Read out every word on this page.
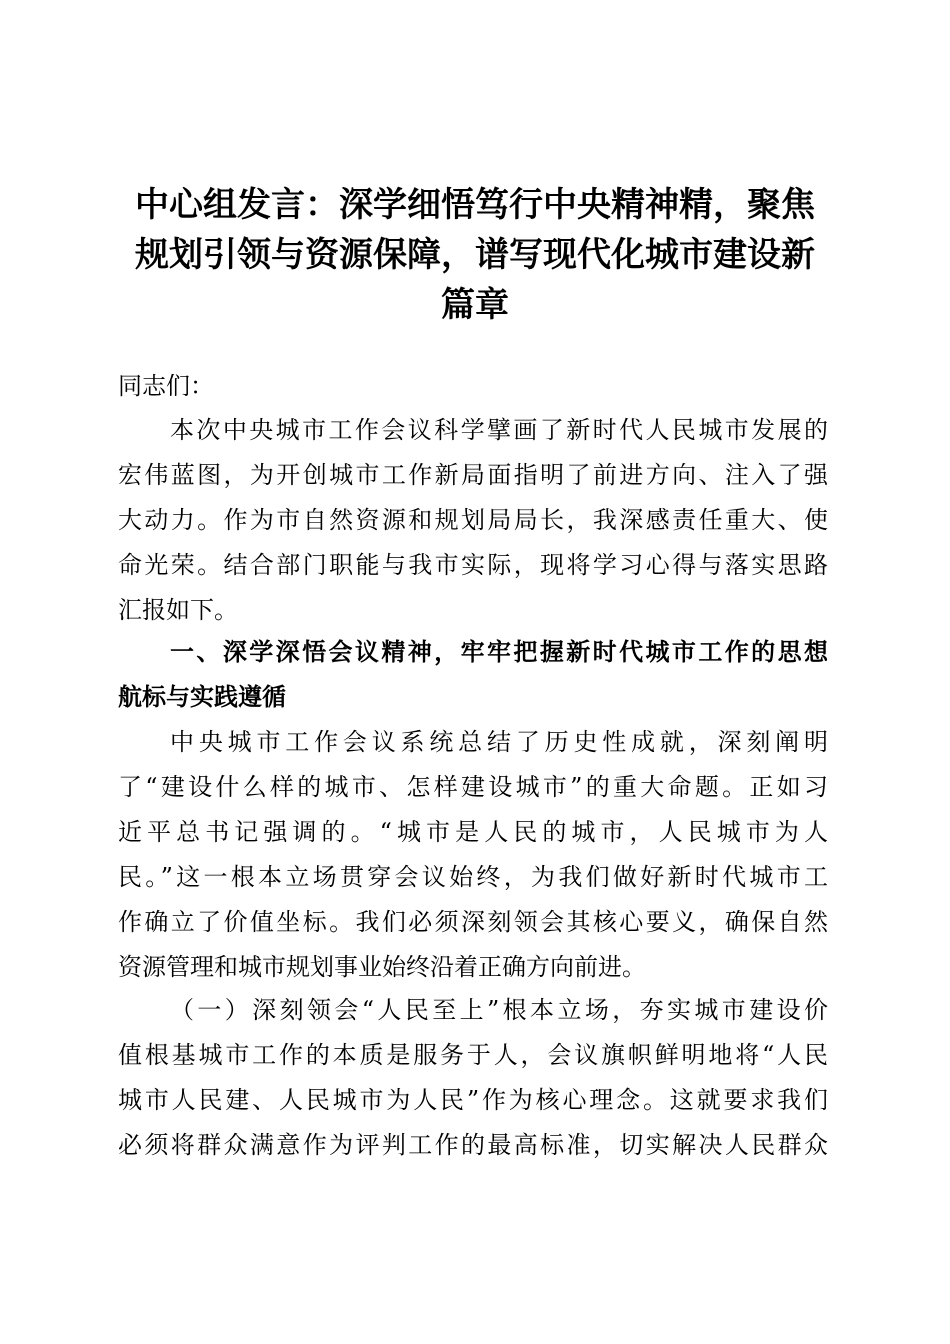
中心组发言：深学细悟笃行中央精神精，聚焦
规划引领与资源保障，谱写现代化城市建设新
篇章

同志们：

本次中央城市工作会议科学擘画了新时代人民城市发展的
宏伟蓝图，为开创城市工作新局面指明了前进方向、注入了强
大动力。作为市自然资源和规划局局长，我深感责任重大、使
命光荣。结合部门职能与我市实际，现将学习心得与落实思路
汇报如下。

一、深学深悟会议精神，牢牢把握新时代城市工作的思想
航标与实践遵循

中央城市工作会议系统总结了历史性成就，深刻阐明
了“建设什么样的城市、怎样建设城市”的重大命题。正如习
近平总书记强调的。“城市是人民的城市，人民城市为人
民。”这一根本立场贯穿会议始终，为我们做好新时代城市工
作确立了价值坐标。我们必须深刻领会其核心要义，确保自然
资源管理和城市规划事业始终沿着正确方向前进。

（一）深刻领会“人民至上”根本立场，夯实城市建设价
值根基城市工作的本质是服务于人，会议旗帜鲜明地将“人民
城市人民建、人民城市为人民”作为核心理念。这就要求我们
必须将群众满意作为评判工作的最高标准，切实解决人民群众
